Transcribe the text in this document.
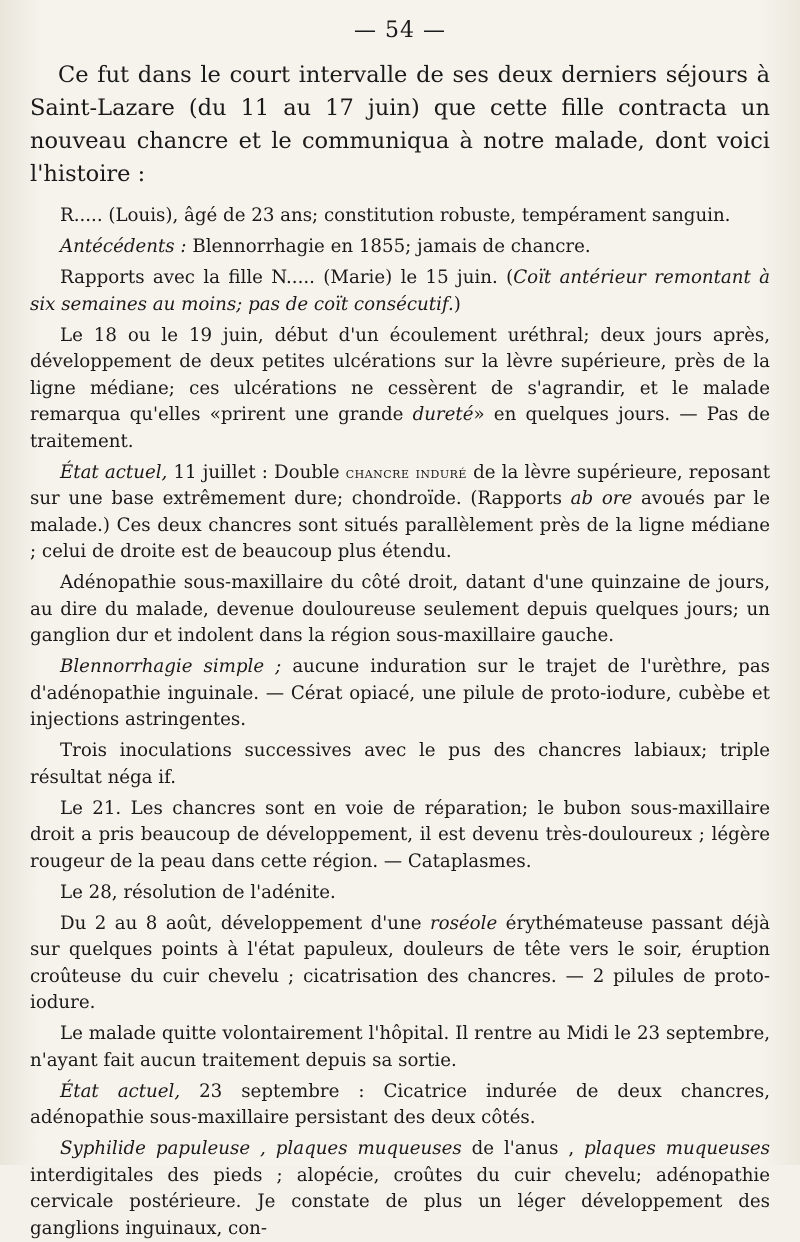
— 54 —

Ce fut dans le court intervalle de ses deux derniers séjours à Saint-Lazare (du 11 au 17 juin) que cette fille contracta un nouveau chancre et le communiqua à notre malade, dont voici l'histoire :

R..... (Louis), âgé de 23 ans; constitution robuste, tempérament sanguin.

Antécédents : Blennorrhagie en 1855; jamais de chancre.

Rapports avec la fille N..... (Marie) le 15 juin. (Coït antérieur remontant à six semaines au moins; pas de coït consécutif.)

Le 18 ou le 19 juin, début d'un écoulement uréthral; deux jours après, développement de deux petites ulcérations sur la lèvre supérieure, près de la ligne médiane; ces ulcérations ne cessèrent de s'agrandir, et le malade remarqua qu'elles «prirent une grande dureté» en quelques jours. — Pas de traitement.

État actuel, 11 juillet : Double chancre induré de la lèvre supérieure, reposant sur une base extrêmement dure; chondroïde. (Rapports ab ore avoués par le malade.) Ces deux chancres sont situés parallèlement près de la ligne médiane ; celui de droite est de beaucoup plus étendu.

Adénopathie sous-maxillaire du côté droit, datant d'une quinzaine de jours, au dire du malade, devenue douloureuse seulement depuis quelques jours; un ganglion dur et indolent dans la région sous-maxillaire gauche.

Blennorrhagie simple ; aucune induration sur le trajet de l'urèthre, pas d'adénopathie inguinale. — Cérat opiacé, une pilule de proto-iodure, cubèbe et injections astringentes.

Trois inoculations successives avec le pus des chancres labiaux; triple résultat néga if.

Le 21. Les chancres sont en voie de réparation; le bubon sous-maxillaire droit a pris beaucoup de développement, il est devenu très-douloureux ; légère rougeur de la peau dans cette région. — Cataplasmes.

Le 28, résolution de l'adénite.

Du 2 au 8 août, développement d'une roséole érythémateuse passant déjà sur quelques points à l'état papuleux, douleurs de tête vers le soir, éruption croûteuse du cuir chevelu ; cicatrisation des chancres. — 2 pilules de proto-iodure.

Le malade quitte volontairement l'hôpital. Il rentre au Midi le 23 septembre, n'ayant fait aucun traitement depuis sa sortie.

État actuel, 23 septembre : Cicatrice indurée de deux chancres, adénopathie sous-maxillaire persistant des deux côtés.

Syphilide papuleuse , plaques muqueuses de l'anus , plaques muqueuses interdigitales des pieds ; alopécie, croûtes du cuir chevelu; adénopathie cervicale postérieure. Je constate de plus un léger développement des ganglions inguinaux, con-
